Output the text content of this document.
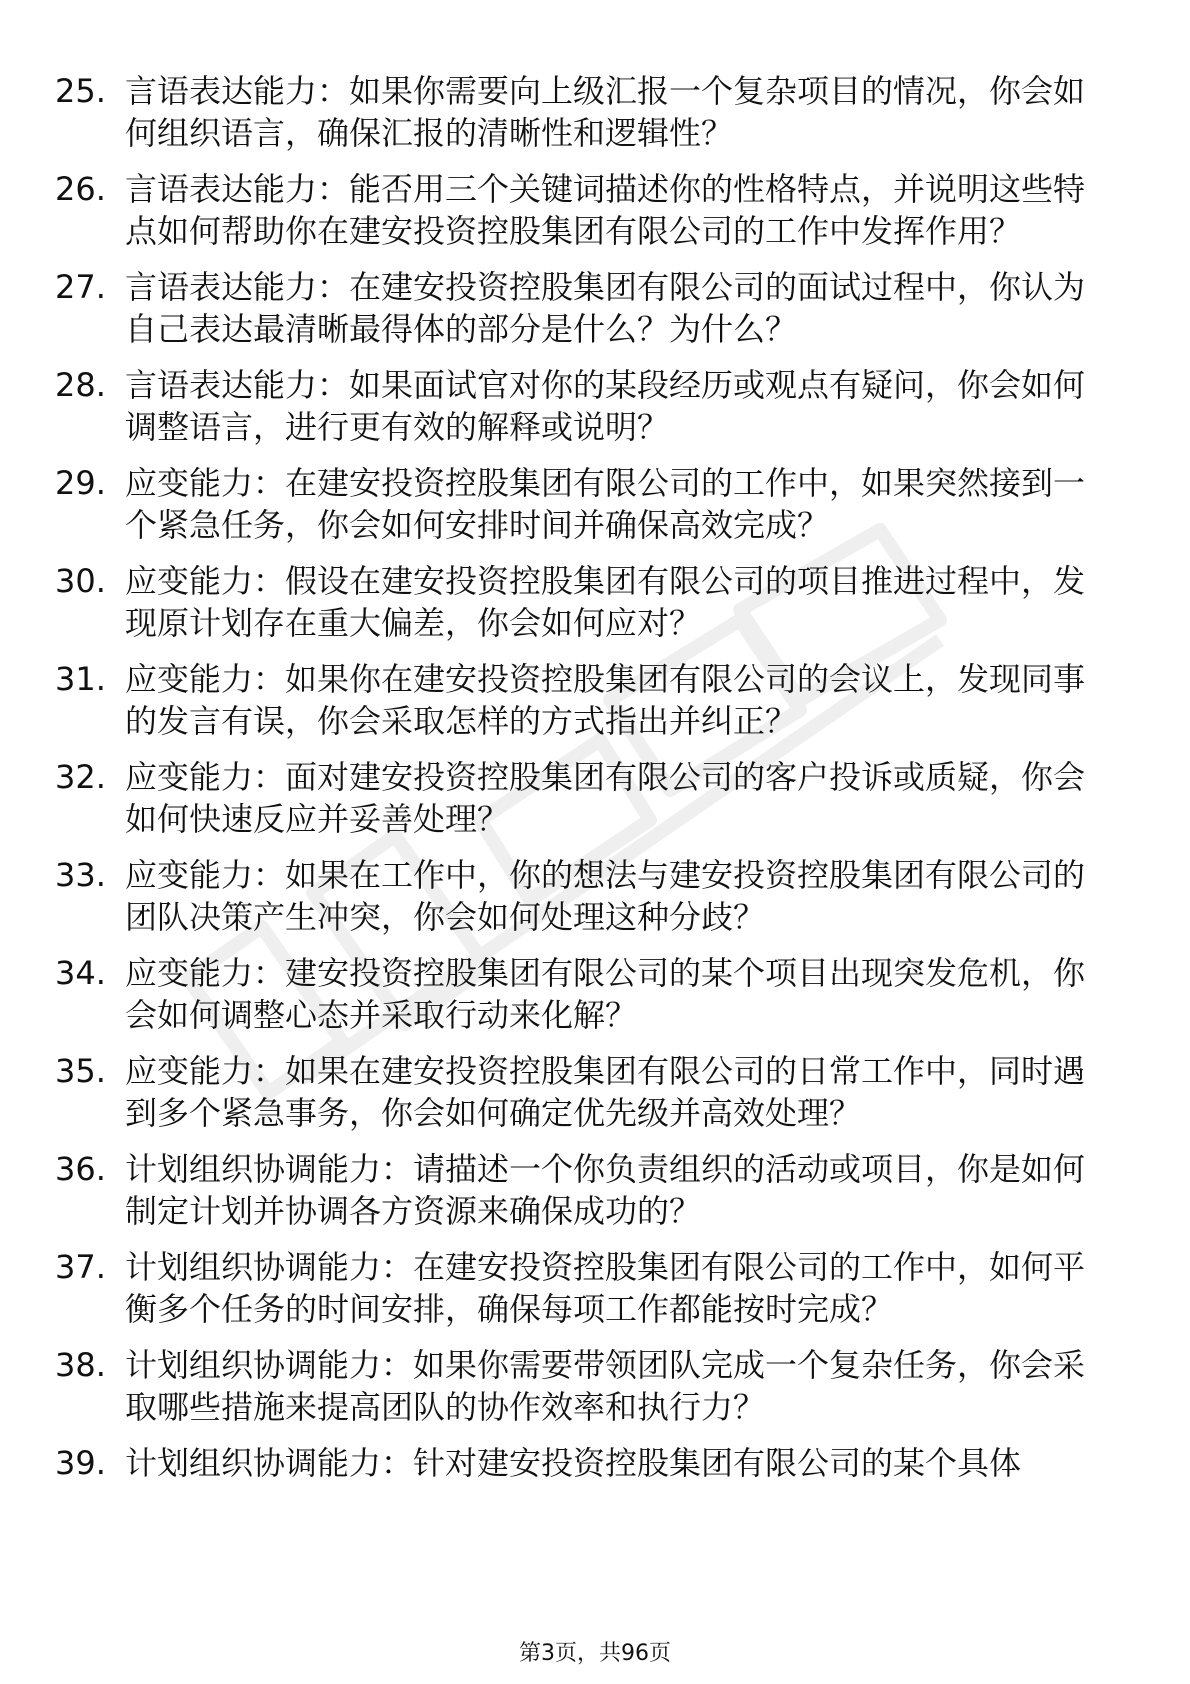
25. 言语表达能力：如果你需要向上级汇报一个复杂项目的情况，你会如何组织语言，确保汇报的清晰性和逻辑性？
26. 言语表达能力：能否用三个关键词描述你的性格特点，并说明这些特点如何帮助你在建安投资控股集团有限公司的工作中发挥作用？
27. 言语表达能力：在建安投资控股集团有限公司的面试过程中，你认为自己表达最清晰最得体的部分是什么？为什么？
28. 言语表达能力：如果面试官对你的某段经历或观点有疑问，你会如何调整语言，进行更有效的解释或说明？
29. 应变能力：在建安投资控股集团有限公司的工作中，如果突然接到一个紧急任务，你会如何安排时间并确保高效完成？
30. 应变能力：假设在建安投资控股集团有限公司的项目推进过程中，发现原计划存在重大偏差，你会如何应对？
31. 应变能力：如果你在建安投资控股集团有限公司的会议上，发现同事的发言有误，你会采取怎样的方式指出并纠正？
32. 应变能力：面对建安投资控股集团有限公司的客户投诉或质疑，你会如何快速反应并妥善处理？
33. 应变能力：如果在工作中，你的想法与建安投资控股集团有限公司的团队决策产生冲突，你会如何处理这种分歧？
34. 应变能力：建安投资控股集团有限公司的某个项目出现突发危机，你会如何调整心态并采取行动来化解？
35. 应变能力：如果在建安投资控股集团有限公司的日常工作中，同时遇到多个紧急事务，你会如何确定优先级并高效处理？
36. 计划组织协调能力：请描述一个你负责组织的活动或项目，你是如何制定计划并协调各方资源来确保成功的？
37. 计划组织协调能力：在建安投资控股集团有限公司的工作中，如何平衡多个任务的时间安排，确保每项工作都能按时完成？
38. 计划组织协调能力：如果你需要带领团队完成一个复杂任务，你会采取哪些措施来提高团队的协作效率和执行力？
39. 计划组织协调能力：针对建安投资控股集团有限公司的某个具体
第3页，共96页
